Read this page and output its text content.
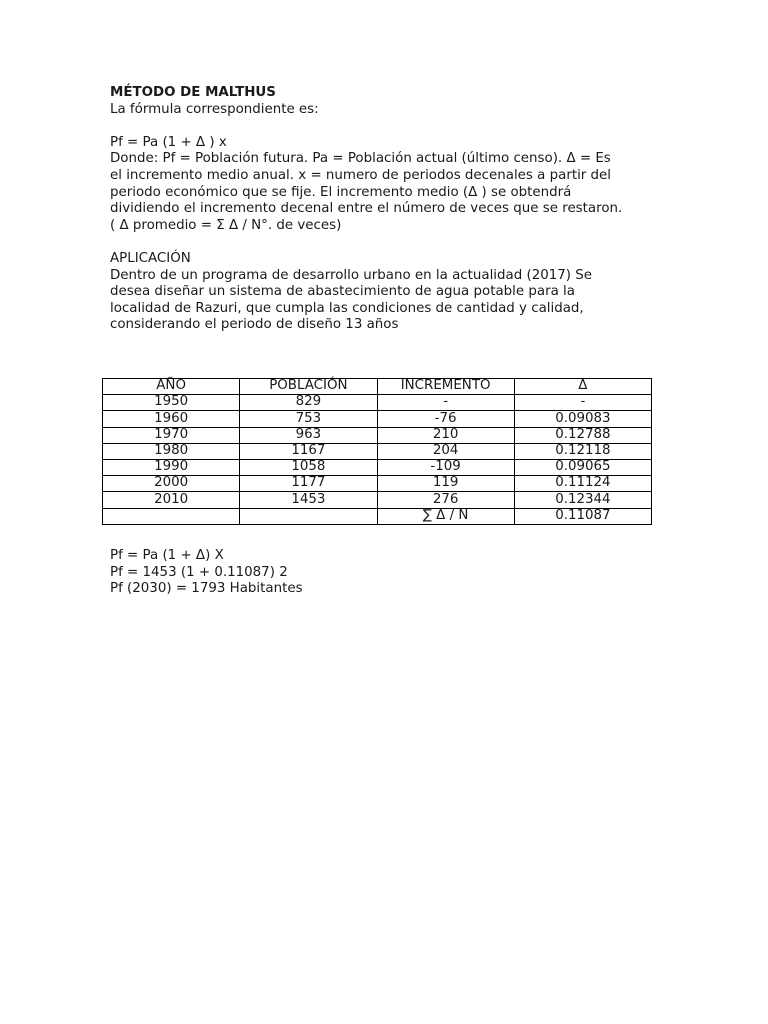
MÉTODO DE MALTHUS

La fórmula correspondiente es:

Pf = Pa (1 + Δ ) x

Donde: Pf = Población futura. Pa = Población actual (último censo). Δ = Es

el incremento medio anual. x = numero de periodos decenales a partir del

periodo económico que se fije. El incremento medio (Δ ) se obtendrá

dividiendo el incremento decenal entre el número de veces que se restaron.

( Δ promedio = Σ Δ / N°. de veces)

APLICACIÓN

Dentro de un programa de desarrollo urbano en la actualidad (2017) Se

desea diseñar un sistema de abastecimiento de agua potable para la

localidad de Razuri, que cumpla las condiciones de cantidad y calidad,

considerando el periodo de diseño 13 años

AÑO	POBLACIÓN	INCREMENTO	Δ
1950	829	-	-
1960	753	-76	0.09083
1970	963	210	0.12788
1980	1167	204	0.12118
1990	1058	-109	0.09065
2000	1177	119	0.11124
2010	1453	276	0.12344
		∑ Δ / N	0.11087

Pf = Pa (1 + Δ) X

Pf = 1453 (1 + 0.11087) 2

Pf (2030) = 1793 Habitantes
